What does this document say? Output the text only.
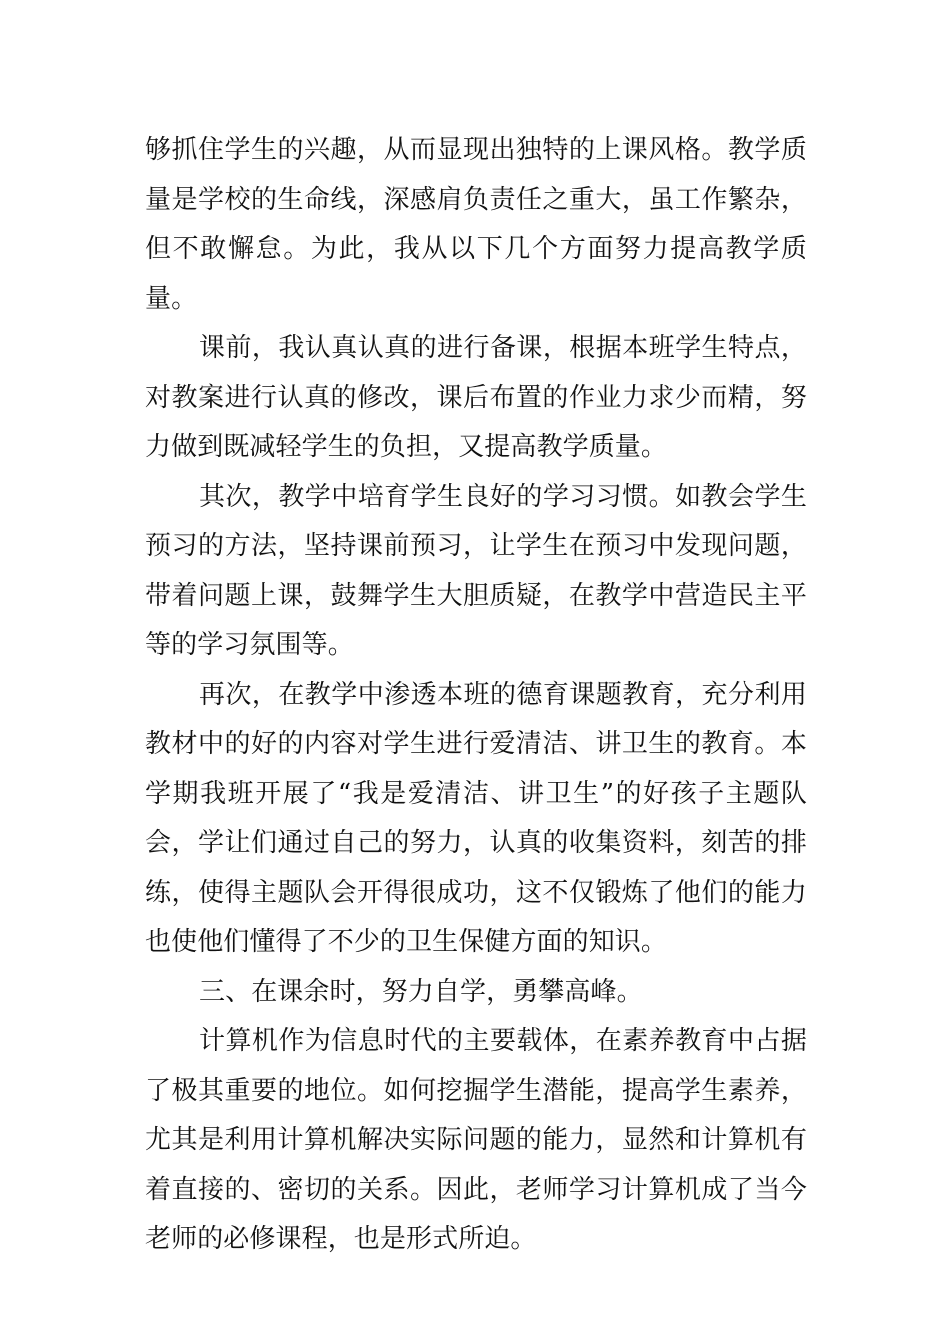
够抓住学生的兴趣，从而显现出独特的上课风格。教学质量是学校的生命线，深感肩负责任之重大，虽工作繁杂，但不敢懈怠。为此，我从以下几个方面努力提高教学质量。

课前，我认真认真的进行备课，根据本班学生特点，对教案进行认真的修改，课后布置的作业力求少而精，努力做到既减轻学生的负担，又提高教学质量。

其次，教学中培育学生良好的学习习惯。如教会学生预习的方法，坚持课前预习，让学生在预习中发现问题，带着问题上课，鼓舞学生大胆质疑，在教学中营造民主平等的学习氛围等。

再次，在教学中渗透本班的德育课题教育，充分利用教材中的好的内容对学生进行爱清洁、讲卫生的教育。本学期我班开展了“我是爱清洁、讲卫生”的好孩子主题队会，学让们通过自己的努力，认真的收集资料，刻苦的排练，使得主题队会开得很成功，这不仅锻炼了他们的能力也使他们懂得了不少的卫生保健方面的知识。

三、在课余时，努力自学，勇攀高峰。

计算机作为信息时代的主要载体，在素养教育中占据了极其重要的地位。如何挖掘学生潜能，提高学生素养，尤其是利用计算机解决实际问题的能力，显然和计算机有着直接的、密切的关系。因此，老师学习计算机成了当今老师的必修课程，也是形式所迫。
